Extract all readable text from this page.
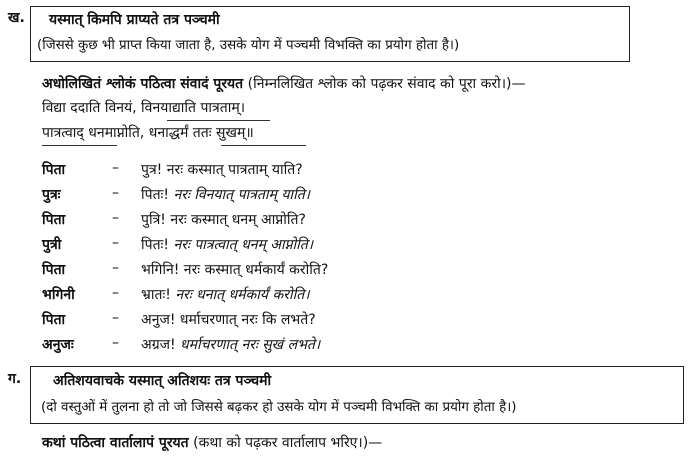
ख. यस्मात् किमपि प्राप्यते तत्र पञ्चमी
(जिससे कुछ भी प्राप्त किया जाता है, उसके योग में पञ्चमी विभक्ति का प्रयोग होता है।)
अधोलिखितं श्लोकं पठित्वा संवादं पूरयत (निम्नलिखित श्लोक को पढ़कर संवाद को पूरा करो।)—
विद्या ददाति विनयं, विनयाद्याति पात्रताम्।
पात्रत्वाद् धनमाप्नोति, धनाद्धर्मं ततः सुखम्॥
पिता	– पुत्र! नरः कस्मात् पात्रताम् याति?
पुत्रः	– पितः! नरः विनयात् पात्रताम् याति।
पिता	– पुत्रि! नरः कस्मात् धनम् आप्नोति?
पुत्री	– पितः! नरः पात्रत्वात् धनम् आप्नोति।
पिता	– भगिनि! नरः कस्मात् धर्मकार्यं करोति?
भगिनी	– भ्रातः! नरः धनात् धर्मकार्यं करोति।
पिता	– अनुज! धर्माचरणात् नरः कि लभते?
अनुजः	– अग्रज! धर्माचरणात् नरः सुखं लभते।
ग. अतिशयवाचके यस्मात् अतिशयः तत्र पञ्चमी
(दो वस्तुओं में तुलना हो तो जो जिससे बढ़कर हो उसके योग में पञ्चमी विभक्ति का प्रयोग होता है।)
कथां पठित्वा वार्तालापं पूरयत (कथा को पढ़कर वार्तालाप भरिए।)—
